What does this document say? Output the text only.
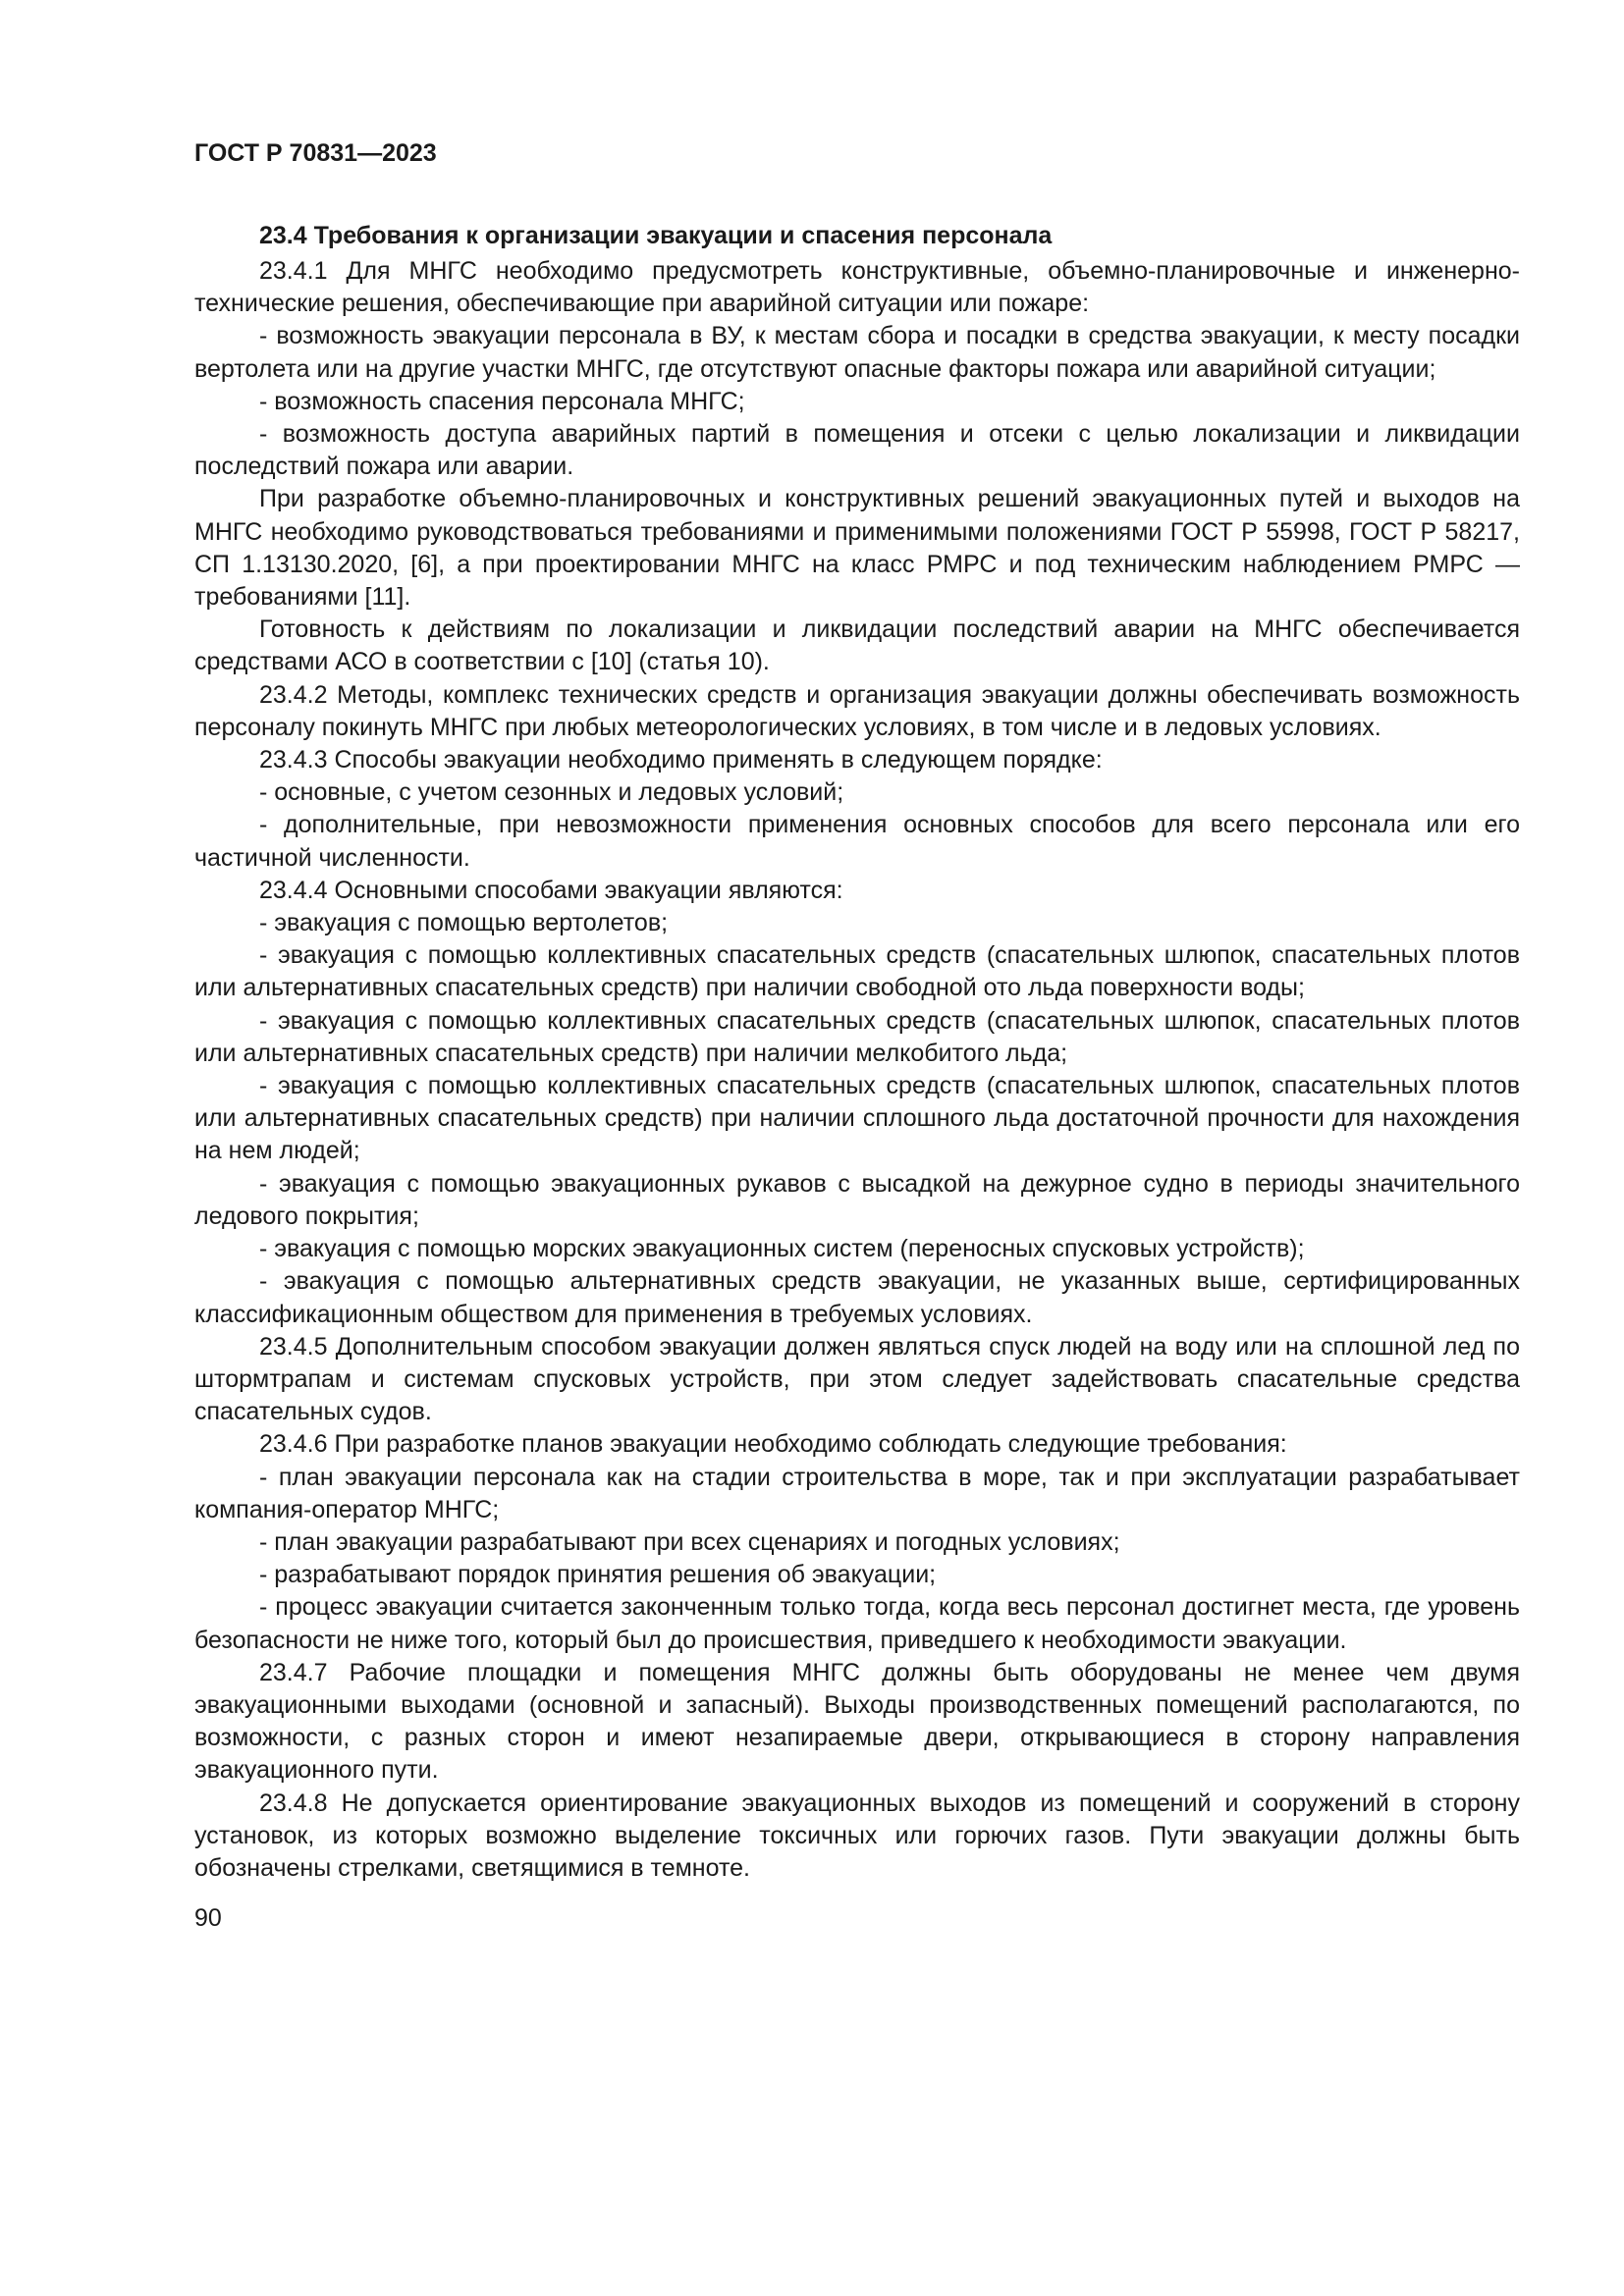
ГОСТ Р 70831—2023
23.4 Требования к организации эвакуации и спасения персонала

23.4.1 Для МНГС необходимо предусмотреть конструктивные, объемно-планировочные и инженерно-технические решения, обеспечивающие при аварийной ситуации или пожаре:

- возможность эвакуации персонала в ВУ, к местам сбора и посадки в средства эвакуации, к месту посадки вертолета или на другие участки МНГС, где отсутствуют опасные факторы пожара или аварийной ситуации;

- возможность спасения персонала МНГС;

- возможность доступа аварийных партий в помещения и отсеки с целью локализации и ликвидации последствий пожара или аварии.

При разработке объемно-планировочных и конструктивных решений эвакуационных путей и выходов на МНГС необходимо руководствоваться требованиями и применимыми положениями ГОСТ Р 55998, ГОСТ Р 58217, СП 1.13130.2020, [6], а при проектировании МНГС на класс РМРС и под техническим наблюдением РМРС — требованиями [11].

Готовность к действиям по локализации и ликвидации последствий аварии на МНГС обеспечивается средствами АСО в соответствии с [10] (статья 10).

23.4.2 Методы, комплекс технических средств и организация эвакуации должны обеспечивать возможность персоналу покинуть МНГС при любых метеорологических условиях, в том числе и в ледовых условиях.

23.4.3 Способы эвакуации необходимо применять в следующем порядке:

- основные, с учетом сезонных и ледовых условий;

- дополнительные, при невозможности применения основных способов для всего персонала или его частичной численности.

23.4.4 Основными способами эвакуации являются:

- эвакуация с помощью вертолетов;

- эвакуация с помощью коллективных спасательных средств (спасательных шлюпок, спасательных плотов или альтернативных спасательных средств) при наличии свободной ото льда поверхности воды;

- эвакуация с помощью коллективных спасательных средств (спасательных шлюпок, спасательных плотов или альтернативных спасательных средств) при наличии мелкобитого льда;

- эвакуация с помощью коллективных спасательных средств (спасательных шлюпок, спасательных плотов или альтернативных спасательных средств) при наличии сплошного льда достаточной прочности для нахождения на нем людей;

- эвакуация с помощью эвакуационных рукавов с высадкой на дежурное судно в периоды значительного ледового покрытия;

- эвакуация с помощью морских эвакуационных систем (переносных спусковых устройств);

- эвакуация с помощью альтернативных средств эвакуации, не указанных выше, сертифицированных классификационным обществом для применения в требуемых условиях.

23.4.5 Дополнительным способом эвакуации должен являться спуск людей на воду или на сплошной лед по штормтрапам и системам спусковых устройств, при этом следует задействовать спасательные средства спасательных судов.

23.4.6 При разработке планов эвакуации необходимо соблюдать следующие требования:

- план эвакуации персонала как на стадии строительства в море, так и при эксплуатации разрабатывает компания-оператор МНГС;

- план эвакуации разрабатывают при всех сценариях и погодных условиях;

- разрабатывают порядок принятия решения об эвакуации;

- процесс эвакуации считается законченным только тогда, когда весь персонал достигнет места, где уровень безопасности не ниже того, который был до происшествия, приведшего к необходимости эвакуации.

23.4.7 Рабочие площадки и помещения МНГС должны быть оборудованы не менее чем двумя эвакуационными выходами (основной и запасный). Выходы производственных помещений располагаются, по возможности, с разных сторон и имеют незапираемые двери, открывающиеся в сторону направления эвакуационного пути.

23.4.8 Не допускается ориентирование эвакуационных выходов из помещений и сооружений в сторону установок, из которых возможно выделение токсичных или горючих газов. Пути эвакуации должны быть обозначены стрелками, светящимися в темноте.

90
